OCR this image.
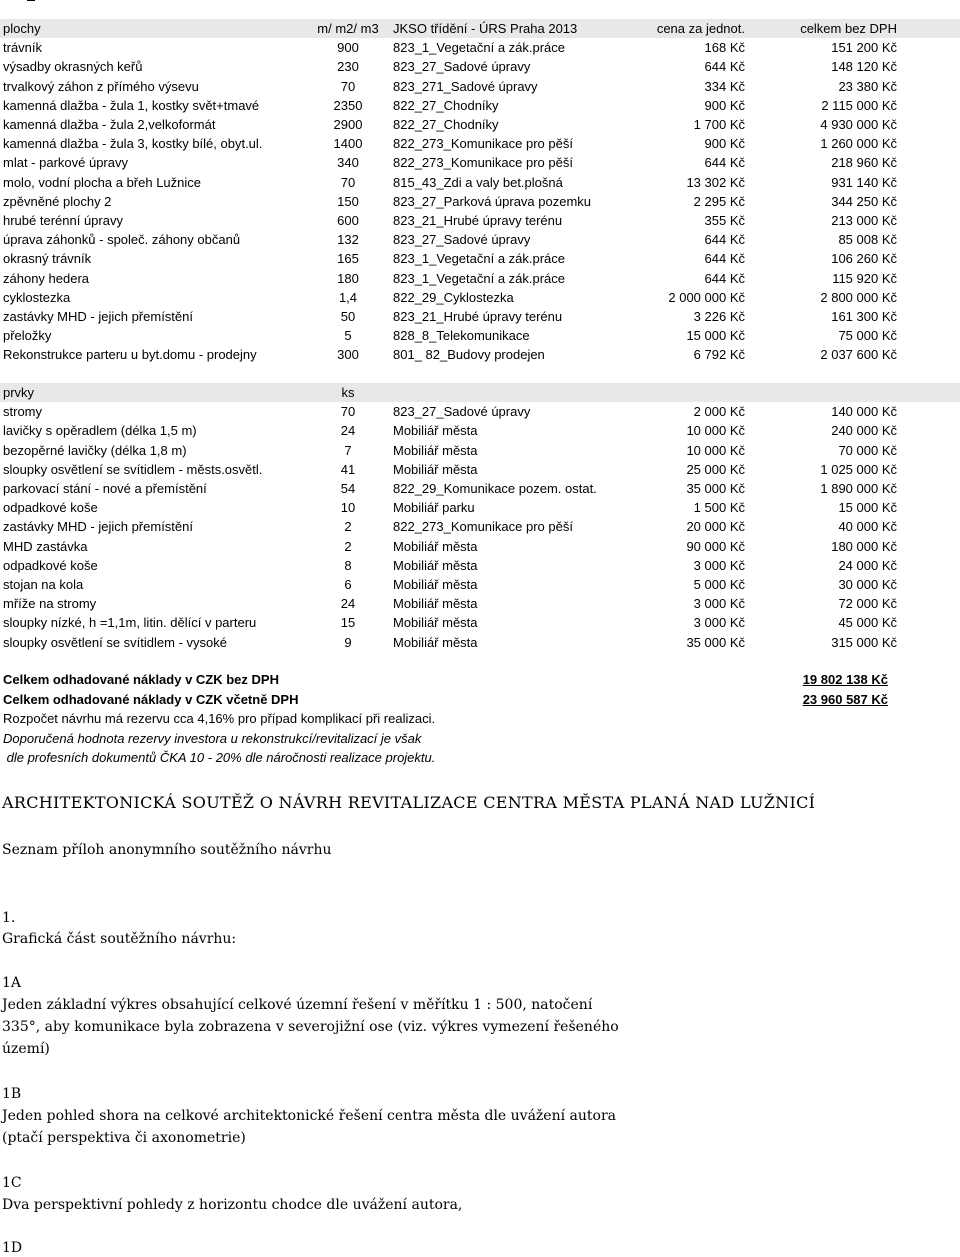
plochy	m/ m2/ m3	JKSO třídění - ÚRS Praha 2013	cena za jednot.	celkem bez DPH	
trávník	900	823_1_Vegetační a zák.práce	168 Kč	151 200 Kč	
výsadby okrasných keřů	230	823_27_Sadové úpravy	644 Kč	148 120 Kč	
trvalkový záhon z přímého výsevu	70	823_271_Sadové úpravy	334 Kč	23 380 Kč	
kamenná dlažba - žula 1, kostky svět+tmavé	2350	822_27_Chodníky	900 Kč	2 115 000 Kč	
kamenná dlažba - žula 2,velkoformát	2900	822_27_Chodníky	1 700 Kč	4 930 000 Kč	
kamenná dlažba - žula 3, kostky bílé, obyt.ul.	1400	822_273_Komunikace pro pěší	900 Kč	1 260 000 Kč	
mlat - parkové úpravy	340	822_273_Komunikace pro pěší	644 Kč	218 960 Kč	
molo, vodní plocha a břeh Lužnice	70	815_43_Zdi a valy bet.plošná	13 302 Kč	931 140 Kč	
zpěvněné plochy 2	150	823_27_Parková úprava pozemku	2 295 Kč	344 250 Kč	
hrubé terénní úpravy	600	823_21_Hrubé úpravy terénu	355 Kč	213 000 Kč	
úprava záhonků - společ. záhony občanů	132	823_27_Sadové úpravy	644 Kč	85 008 Kč	
okrasný trávník	165	823_1_Vegetační a zák.práce	644 Kč	106 260 Kč	
záhony hedera	180	823_1_Vegetační a zák.práce	644 Kč	115 920 Kč	
cyklostezka	1,4	822_29_Cyklostezka	2 000 000 Kč	2 800 000 Kč	
zastávky MHD - jejich přemístění	50	823_21_Hrubé úpravy terénu	3 226 Kč	161 300 Kč	
přeložky	5	828_8_Telekomunikace	15 000 Kč	75 000 Kč	
Rekonstrukce parteru u byt.domu - prodejny	300	801_ 82_Budovy prodejen	6 792 Kč	2 037 600 Kč	
prvky	ks				
stromy	70	823_27_Sadové úpravy	2 000 Kč	140 000 Kč	
lavičky s opěradlem (délka 1,5 m)	24	Mobiliář města	10 000 Kč	240 000 Kč	
bezopěrné lavičky (délka 1,8 m)	7	Mobiliář města	10 000 Kč	70 000 Kč	
sloupky osvětlení se svítidlem - městs.osvětl.	41	Mobiliář města	25 000 Kč	1 025 000 Kč	
parkovací stání - nové a přemístění	54	822_29_Komunikace pozem. ostat.	35 000 Kč	1 890 000 Kč	
odpadkové koše	10	Mobiliář parku	1 500 Kč	15 000 Kč	
zastávky MHD - jejich přemístění	2	822_273_Komunikace pro pěší	20 000 Kč	40 000 Kč	
MHD zastávka	2	Mobiliář města	90 000 Kč	180 000 Kč	
odpadkové koše	8	Mobiliář města	3 000 Kč	24 000 Kč	
stojan na kola	6	Mobiliář města	5 000 Kč	30 000 Kč	
mříže na stromy	24	Mobiliář města	3 000 Kč	72 000 Kč	
sloupky nízké, h =1,1m, litin. dělící v parteru	15	Mobiliář města	3 000 Kč	45 000 Kč	
sloupky osvětlení se svítidlem - vysoké	9	Mobiliář města	35 000 Kč	315 000 Kč	
Celkem odhadované náklady v CZK bez DPH	19 802 138 Kč
Celkem odhadované náklady v CZK včetně DPH	23 960 587 Kč
Rozpočet návrhu má rezervu cca 4,16% pro případ komplikací při realizaci.
Doporučená hodnota rezervy investora u rekonstrukcí/revitalizací je však
dle profesních dokumentů ČKA 10 - 20% dle náročnosti realizace projektu.
ARCHITEKTONICKÁ SOUTĚŽ O NÁVRH REVITALIZACE CENTRA MĚSTA PLANÁ NAD LUŽNICÍ
Seznam příloh anonymního soutěžního návrhu
1.
Grafická část soutěžního návrhu:
1A
Jeden základní výkres obsahující celkové územní řešení v měřítku 1 : 500, natočení
335°, aby komunikace byla zobrazena v severojižní ose (viz. výkres vymezení řešeného
území)
1B
Jeden pohled shora na celkové architektonické řešení centra města dle uvážení autora
(ptačí perspektiva či axonometrie)
1C
Dva perspektivní pohledy z horizontu chodce dle uvážení autora,
1D
